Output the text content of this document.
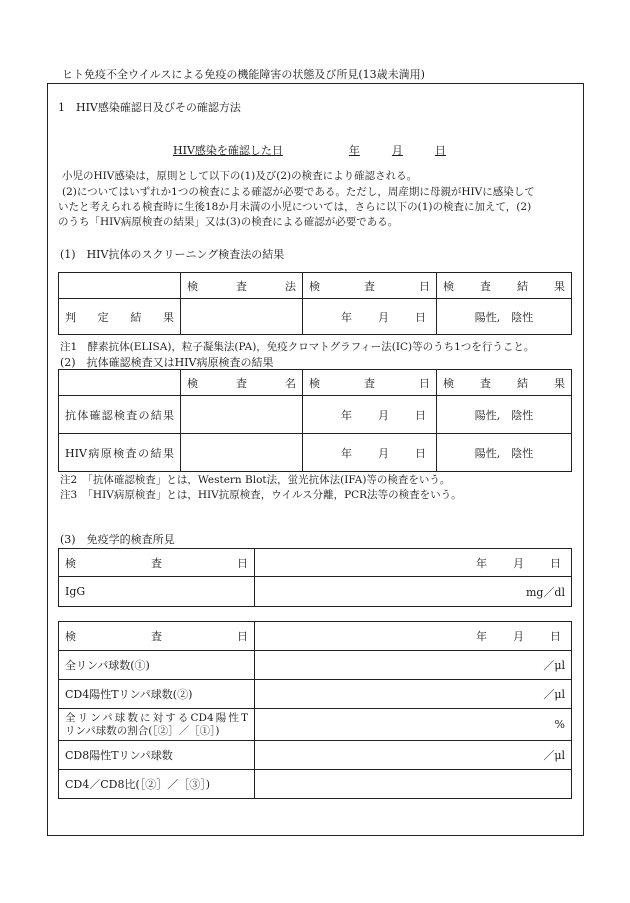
ヒト免疫不全ウイルスによる免疫の機能障害の状態及び所見(13歳未満用)
1　HIV感染確認日及びその確認方法
HIV感染を確認した日	年	月	日
小児のHIV感染は，原則として以下の(1)及び(2)の検査により確認される。
(2)についてはいずれか1つの検査による確認が必要である。ただし，周産期に母親がHIVに感染して
いたと考えられる検査時に生後18か月未満の小児については，さらに以下の(1)の検査に加えて，(2)
のうち「HIV病原検査の結果」又は(3)の検査による確認が必要である。
(1)　HIV抗体のスクリーニング検査法の結果
	検査法	検査日	検査結果
判定結果		年 月 日	陽性,　陰性
注1　酵素抗体(ELISA)，粒子凝集法(PA)，免疫クロマトグラフィー法(IC)等のうち1つを行うこと。
(2)　抗体確認検査又はHIV病原検査の結果
	検査名	検査日	検査結果
抗体確認検査の結果		年 月 日	陽性,　陰性
HIV病原検査の結果		年 月 日	陽性,　陰性
注2　「抗体確認検査」とは，Western Blot法，蛍光抗体法(IFA)等の検査をいう。
注3　「HIV病原検査」とは，HIV抗原検査，ウイルス分離，PCR法等の検査をいう。
(3)　免疫学的検査所見
検査日	年 月 日
IgG	mg／dl
検査日	年 月 日
全リンパ球数(①)	／μl
CD4陽性Tリンパ球数(②)	／μl

全リンパ球数に対するCD4陽性T
リンパ球数の割合(［②］／［①］)	%
CD8陽性Tリンパ球数	／μl
CD4／CD8比(［②］／［③］)	
